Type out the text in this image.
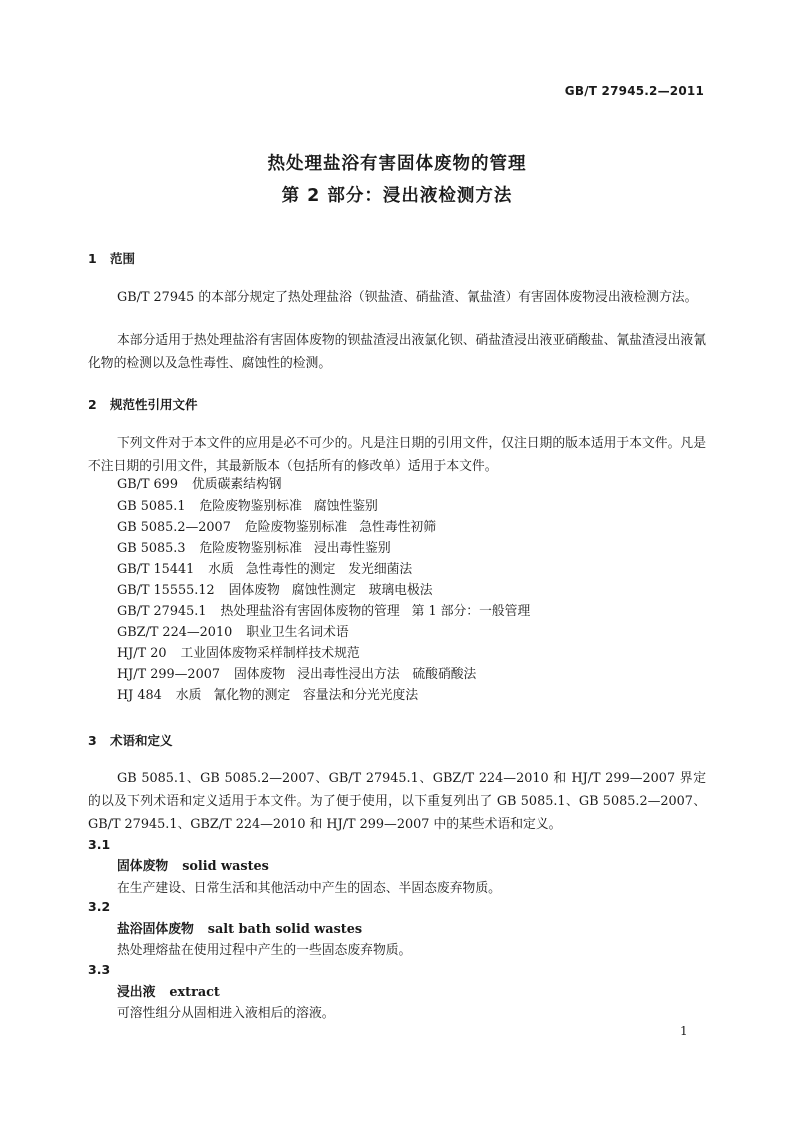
GB/T 27945.2—2011
热处理盐浴有害固体废物的管理
第 2 部分：浸出液检测方法
1 范围
GB/T 27945 的本部分规定了热处理盐浴（钡盐渣、硝盐渣、氰盐渣）有害固体废物浸出液检测方法。
本部分适用于热处理盐浴有害固体废物的钡盐渣浸出液氯化钡、硝盐渣浸出液亚硝酸盐、氰盐渣浸出液氰化物的检测以及急性毒性、腐蚀性的检测。
2 规范性引用文件
下列文件对于本文件的应用是必不可少的。凡是注日期的引用文件，仅注日期的版本适用于本文件。凡是不注日期的引用文件，其最新版本（包括所有的修改单）适用于本文件。
GB/T 699 优质碳素结构钢
GB 5085.1 危险废物鉴别标准 腐蚀性鉴别
GB 5085.2—2007 危险废物鉴别标准 急性毒性初筛
GB 5085.3 危险废物鉴别标准 浸出毒性鉴别
GB/T 15441 水质 急性毒性的测定　发光细菌法
GB/T 15555.12 固体废物 腐蚀性测定　玻璃电极法
GB/T 27945.1 热处理盐浴有害固体废物的管理 第 1 部分：一般管理
GBZ/T 224—2010 职业卫生名词术语
HJ/T 20 工业固体废物采样制样技术规范
HJ/T 299—2007 固体废物 浸出毒性浸出方法　硫酸硝酸法
HJ 484 水质 氰化物的测定　容量法和分光光度法
3 术语和定义
GB 5085.1、GB 5085.2—2007、GB/T 27945.1、GBZ/T 224—2010 和 HJ/T 299—2007 界定的以及下列术语和定义适用于本文件。为了便于使用，以下重复列出了 GB 5085.1、GB 5085.2—2007、GB/T 27945.1、GBZ/T 224—2010 和 HJ/T 299—2007 中的某些术语和定义。
3.1
固体废物 solid wastes
在生产建设、日常生活和其他活动中产生的固态、半固态废弃物质。
3.2
盐浴固体废物 salt bath solid wastes
热处理熔盐在使用过程中产生的一些固态废弃物质。
3.3
浸出液 extract
可溶性组分从固相进入液相后的溶液。
1
